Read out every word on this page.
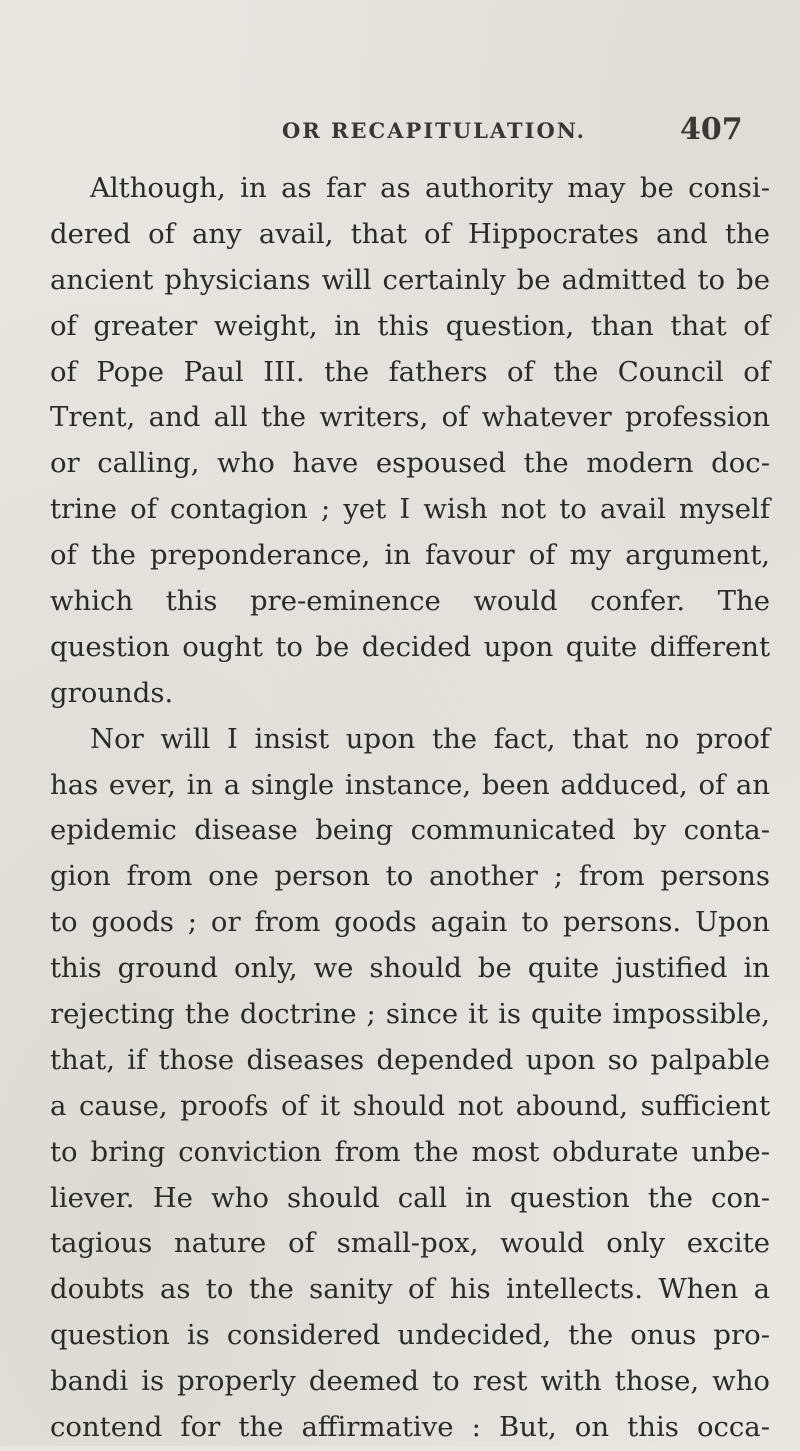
OR RECAPITULATION.	407
Although, in as far as authority may be consi-
dered of any avail, that of Hippocrates and the
ancient physicians will certainly be admitted to be
of greater weight, in this question, than that of
of Pope Paul III. the fathers of the Council of
Trent, and all the writers, of whatever profession
or calling, who have espoused the modern doc-
trine of contagion ; yet I wish not to avail myself
of the preponderance, in favour of my argument,
which this pre-eminence would confer. The
question ought to be decided upon quite different
grounds.
Nor will I insist upon the fact, that no proof
has ever, in a single instance, been adduced, of an
epidemic disease being communicated by conta-
gion from one person to another ; from persons
to goods ; or from goods again to persons. Upon
this ground only, we should be quite justified in
rejecting the doctrine ; since it is quite impossible,
that, if those diseases depended upon so palpable
a cause, proofs of it should not abound, sufficient
to bring conviction from the most obdurate unbe-
liever. He who should call in question the con-
tagious nature of small-pox, would only excite
doubts as to the sanity of his intellects. When a
question is considered undecided, the onus pro-
bandi is properly deemed to rest with those, who
contend for the affirmative : But, on this occa-
